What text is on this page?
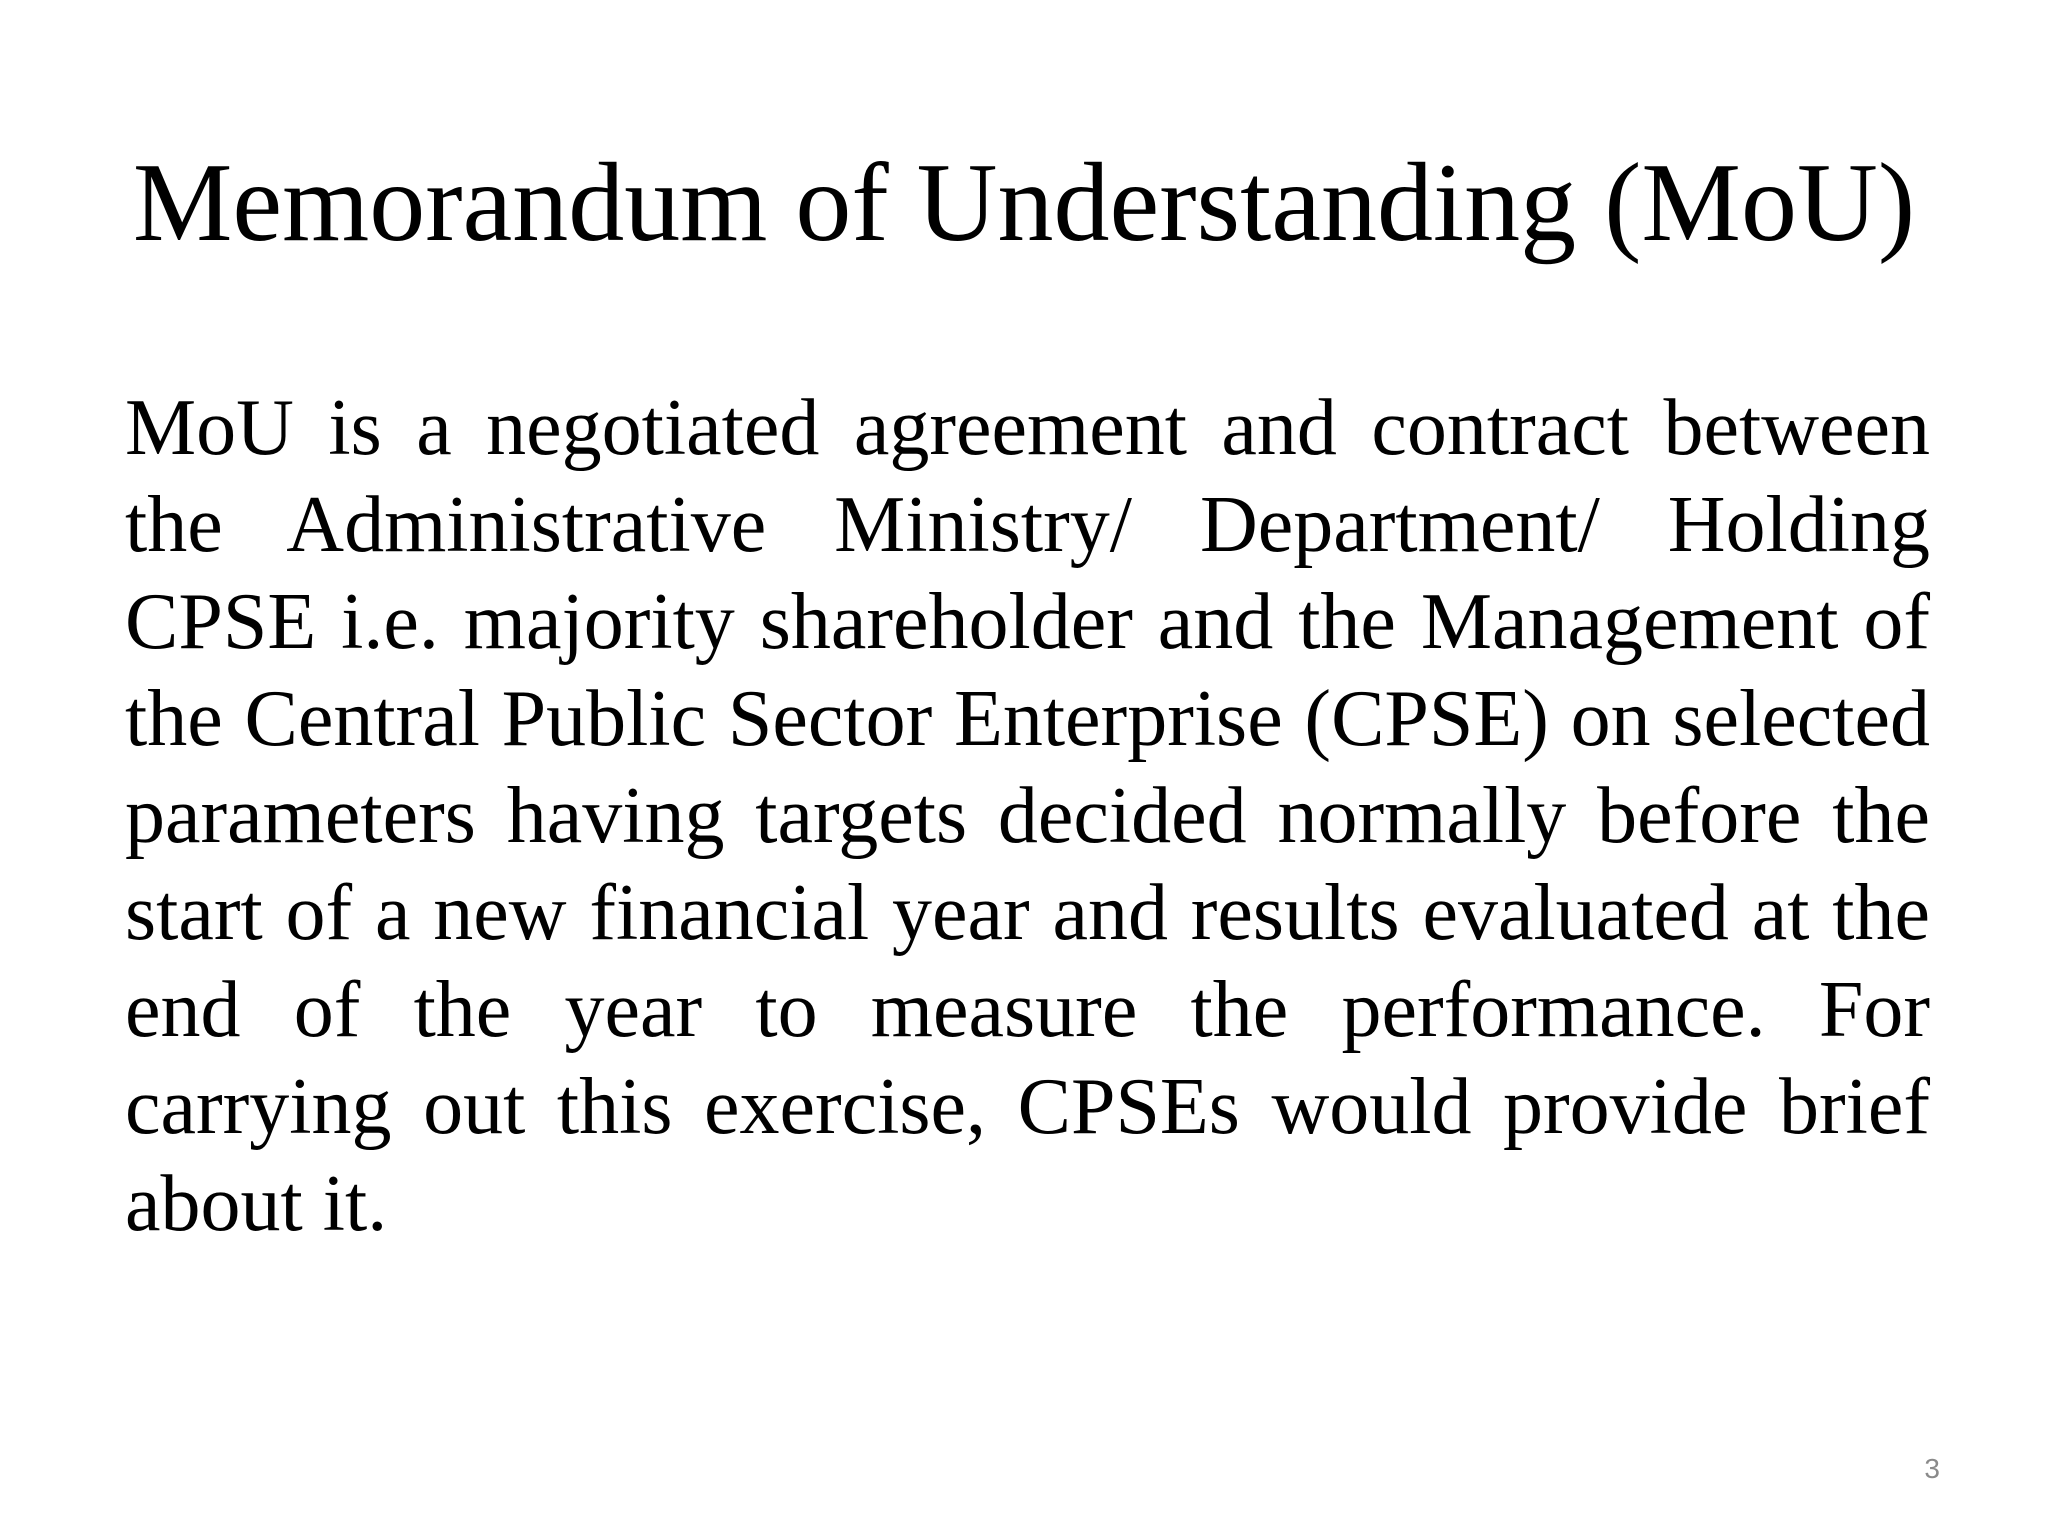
Memorandum of Understanding (MoU)

MoU is a negotiated agreement and contract between the Administrative Ministry/ Department/ Holding CPSE i.e. majority shareholder and the Management of the Central Public Sector Enterprise (CPSE) on selected parameters having targets decided normally before the start of a new financial year and results evaluated at the end of the year to measure the performance. For carrying out this exercise, CPSEs would provide brief about it.

3
